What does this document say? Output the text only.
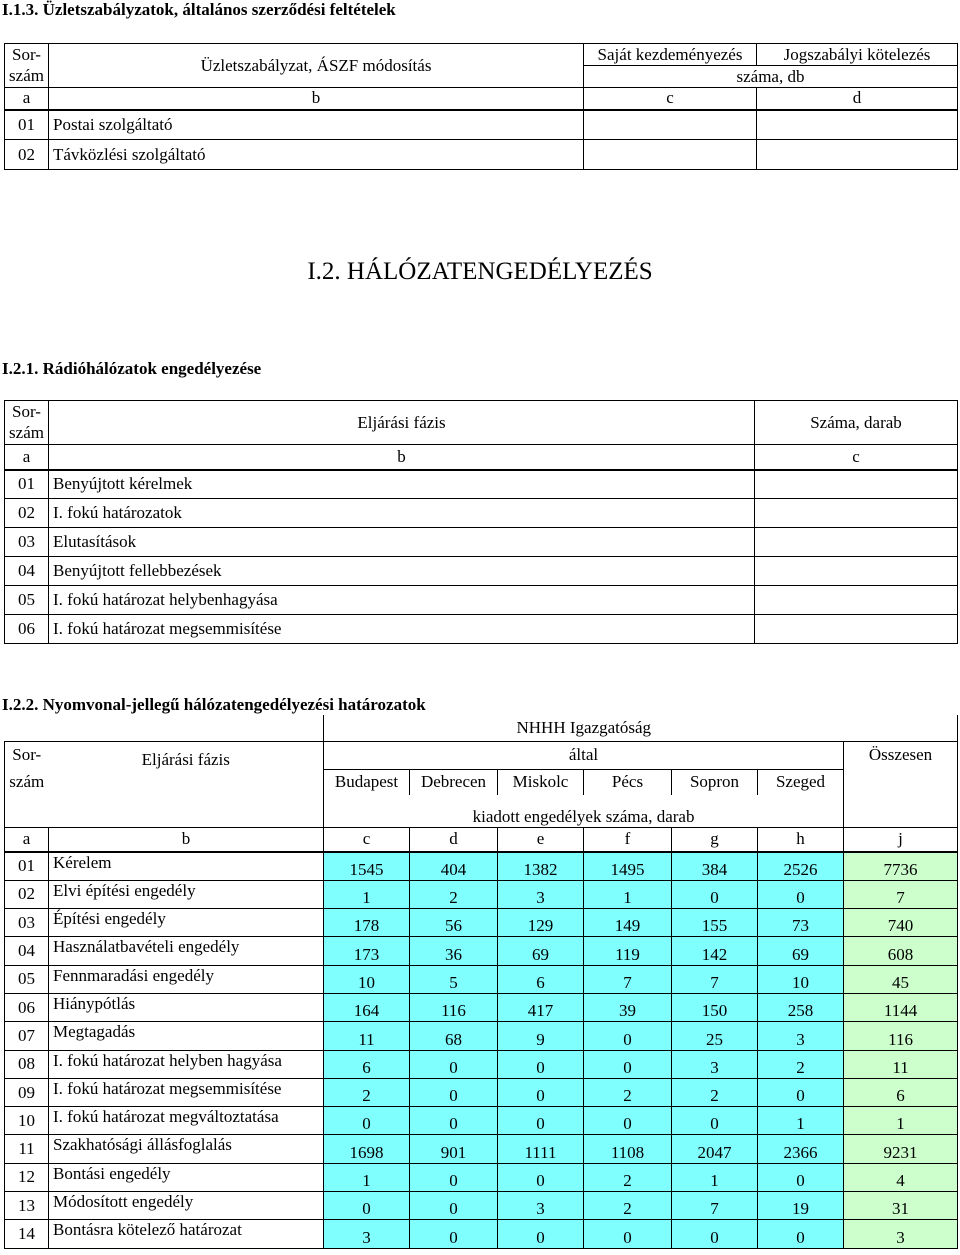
I.1.3. Üzletszabályzatok, általános szerződési feltételek
Sor-	Üzletszabályzat, ÁSZF módosítás	Saját kezdeményezés	Jogszabályi kötelezés
szám		száma, db	
a	b	c	d
01	Postai szolgáltató		
02	Távközlési szolgáltató		
I.2. HÁLÓZATENGEDÉLYEZÉS
I.2.1. Rádióhálózatok engedélyezése
Sor-	Eljárási fázis	Száma, darab
szám		
a	b	c
01	Benyújtott kérelmek	
02	I. fokú határozatok	
03	Elutasítások	
04	Benyújtott fellebbezések	
05	I. fokú határozat helybenhagyása	
06	I. fokú határozat megsemmisítése	
I.2.2. Nyomvonal-jellegű hálózatengedélyezési határozatok
		NHHH Igazgatóság						
Sor-	Eljárási fázis	által						Összesen
szám		Budapest	Debrecen	Miskolc	Pécs	Sopron	Szeged	
		kiadott engedélyek száma, darab						
a	b	c	d	e	f	g	h	j
01	Kérelem	1545	404	1382	1495	384	2526	7736
02	Elvi építési engedély	1	2	3	1	0	0	7
03	Építési engedély	178	56	129	149	155	73	740
04	Használatbavételi engedély	173	36	69	119	142	69	608
05	Fennmaradási engedély	10	5	6	7	7	10	45
06	Hiánypótlás	164	116	417	39	150	258	1144
07	Megtagadás	11	68	9	0	25	3	116
08	I. fokú határozat helyben hagyása	6	0	0	0	3	2	11
09	I. fokú határozat megsemmisítése	2	0	0	2	2	0	6
10	I. fokú határozat megváltoztatása	0	0	0	0	0	1	1
11	Szakhatósági állásfoglalás	1698	901	1111	1108	2047	2366	9231
12	Bontási engedély	1	0	0	2	1	0	4
13	Módosított engedély	0	0	3	2	7	19	31
14	Bontásra kötelező határozat	3	0	0	0	0	0	3
